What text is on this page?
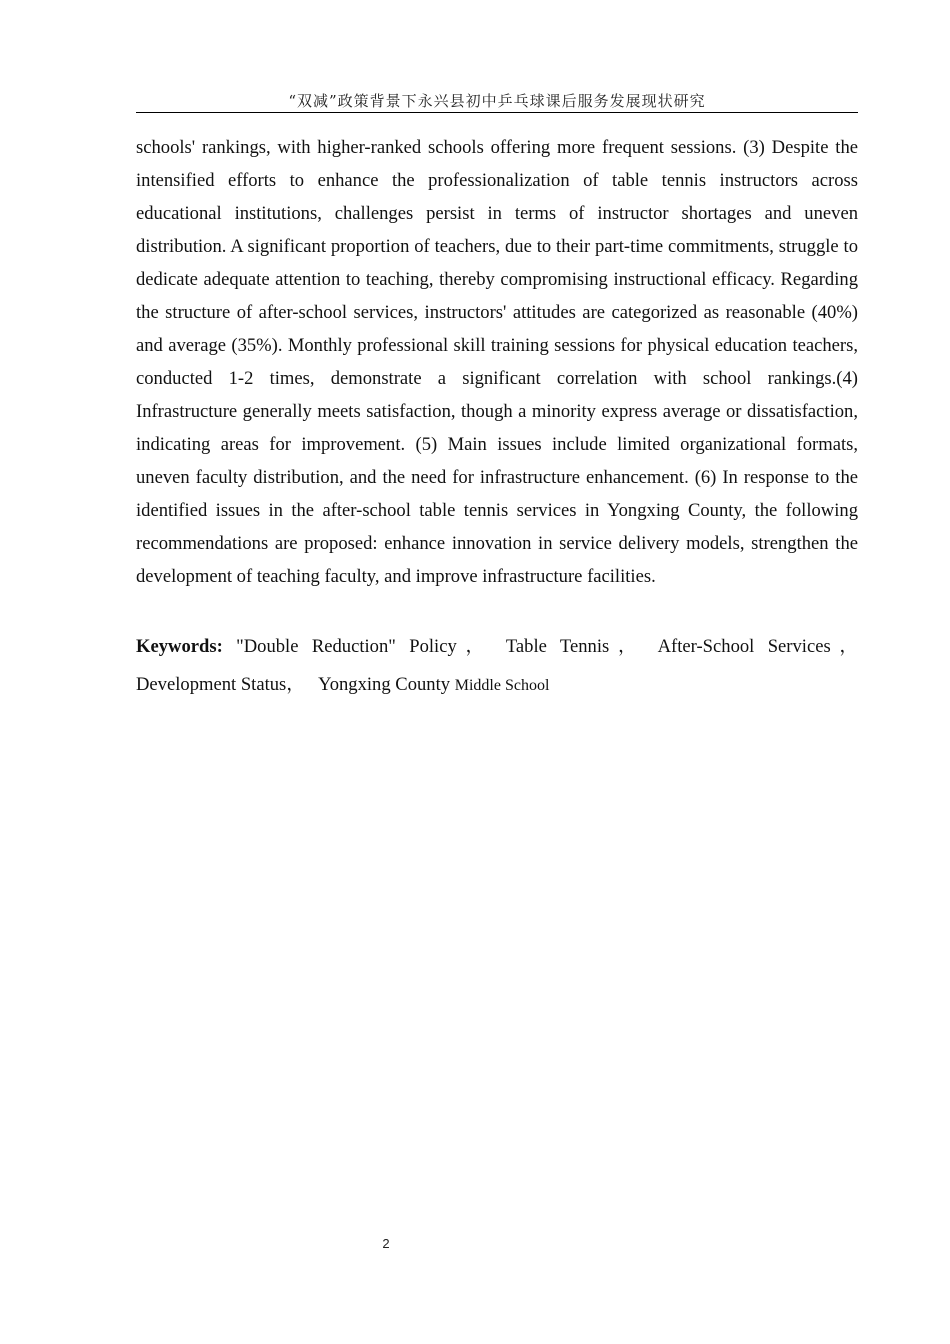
“双减”政策背景下永兴县初中乒乓球课后服务发展现状研究

schools' rankings, with higher-ranked schools offering more frequent sessions. (3) Despite the intensified efforts to enhance the professionalization of table tennis instructors across educational institutions, challenges persist in terms of instructor shortages and uneven distribution. A significant proportion of teachers, due to their part-time commitments, struggle to dedicate adequate attention to teaching, thereby compromising instructional efficacy. Regarding the structure of after-school services, instructors' attitudes are categorized as reasonable (40%) and average (35%). Monthly professional skill training sessions for physical education teachers, conducted 1-2 times, demonstrate a significant correlation with school rankings.(4) Infrastructure generally meets satisfaction, though a minority express average or dissatisfaction, indicating areas for improvement. (5) Main issues include limited organizational formats, uneven faculty distribution, and the need for infrastructure enhancement. (6) In response to the identified issues in the after-school table tennis services in Yongxing County, the following recommendations are proposed: enhance innovation in service delivery models, strengthen the development of teaching faculty, and improve infrastructure facilities.

Keywords: "Double Reduction" Policy， Table Tennis， After-School Services， Development Status， Yongxing County Middle School
2
